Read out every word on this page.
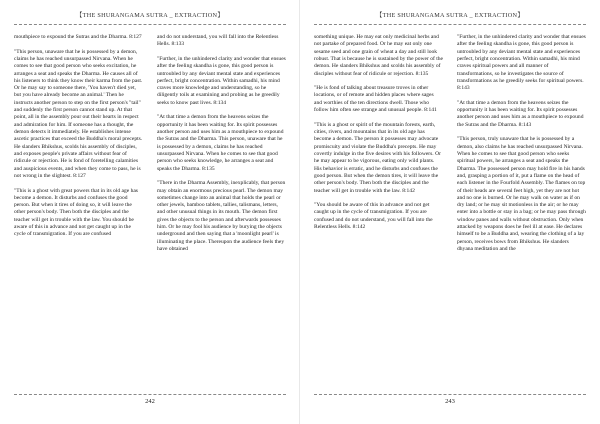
【THE SHURANGAMA SUTRA _ EXTRACTION】

mouthpiece to expound the Sutras and the Dharma. 8:127

"This person, unaware that he is possessed by a demon, claims he has reached unsurpassed Nirvana. When he comes to see that good person who seeks excitation, he arranges a seat and speaks the Dharma. He causes all of his listeners to think they know their karma from the past. Or he may say to someone there, 'You haven't died yet, but you have already become an animal.' Then he instructs another person to step on the first person's "tail" and suddenly the first person cannot stand up. At that point, all in the assembly pour out their hearts in respect and admiration for him. If someone has a thought, the demon detects it immediately. He establishes intense ascetic practices that exceed the Buddha's moral precepts. He slanders Bhikshus, scolds his assembly of disciples, and exposes people's private affairs without fear of ridicule or rejection. He is fond of foretelling calamities and auspicious events, and when they come to pass, he is not wrong in the slightest. 8:127

"This is a ghost with great powers that in its old age has become a demon. It disturbs and confuses the good person. But when it tires of doing so, it will leave the other person's body. Then both the disciples and the teacher will get in trouble with the law. You should be aware of this in advance and not get caught up in the cycle of transmigration. If you are confused

and do not understand, you will fall into the Relentless Hells. 8:133

"Further, in the unhindered clarity and wonder that ensues after the feeling skandha is gone, this good person is untroubled by any deviant mental state and experiences perfect, bright concentration. Within samadhi, his mind craves more knowledge and understanding, so he diligently toils at examining and probing as he greedily seeks to know past lives. 8:134

"At that time a demon from the heavens seizes the opportunity it has been waiting for. Its spirit possesses another person and uses him as a mouthpiece to expound the Sutras and the Dharma. This person, unaware that he is possessed by a demon, claims he has reached unsurpassed Nirvana. When he comes to see that good person who seeks knowledge, he arranges a seat and speaks the Dharma. 8:135

"There in the Dharma Assembly, inexplicably, that person may obtain an enormous precious pearl. The demon may sometimes change into an animal that holds the pearl or other jewels, bamboo tablets, tallies, talismans, letters, and other unusual things in its mouth. The demon first gives the objects to the person and afterwards possesses him. Or he may fool his audience by burying the objects underground and then saying that a 'moonlight pearl' is illuminating the place. Thereupon the audience feels they have obtained

242
【THE SHURANGAMA SUTRA _ EXTRACTION】

something unique. He may eat only medicinal herbs and not partake of prepared food. Or he may eat only one sesame seed and one grain of wheat a day and still look robust. That is because he is sustained by the power of the demon. He slanders Bhikshus and scolds his assembly of disciples without fear of ridicule or rejection. 8:135

"He is fond of talking about treasure troves in other locations, or of remote and hidden places where sages and worthies of the ten directions dwell. Those who follow him often see strange and unusual people. 8:141

"This is a ghost or spirit of the mountain forests, earth, cities, rivers, and mountains that in its old age has become a demon. The person it possesses may advocate promiscuity and violate the Buddha's precepts. He may covertly indulge in the five desires with his followers. Or he may appear to be vigorous, eating only wild plants. His behavior is erratic, and he disturbs and confuses the good person. But when the demon tires, it will leave the other person's body. Then both the disciples and the teacher will get in trouble with the law. 8:142

"You should be aware of this in advance and not get caught up in the cycle of transmigration. If you are confused and do not understand, you will fall into the Relentless Hells. 8:142

"Further, in the unhindered clarity and wonder that ensues after the feeling skandha is gone, this good person is untroubled by any deviant mental state and experiences perfect, bright concentration. Within samadhi, his mind craves spiritual powers and all manner of transformations, so he investigates the source of transformations as he greedily seeks for spiritual powers. 8:143

"At that time a demon from the heavens seizes the opportunity it has been waiting for. Its spirit possesses another person and uses him as a mouthpiece to expound the Sutras and the Dharma. 8:143

"This person, truly unaware that he is possessed by a demon, also claims he has reached unsurpassed Nirvana. When he comes to see that good person who seeks spiritual powers, he arranges a seat and speaks the Dharma. The possessed person may hold fire in his hands and, grasping a portion of it, put a flame on the head of each listener in the Fourfold Assembly. The flames on top of their heads are several feet high, yet they are not hot and no one is burned. Or he may walk on water as if on dry land; or he may sit motionless in the air; or he may enter into a bottle or stay in a bag; or he may pass through window panes and walls without obstruction. Only when attacked by weapons does he feel ill at ease. He declares himself to be a Buddha and, wearing the clothing of a lay person, receives bows from Bhikshus. He slanders dhyana meditation and the

243
